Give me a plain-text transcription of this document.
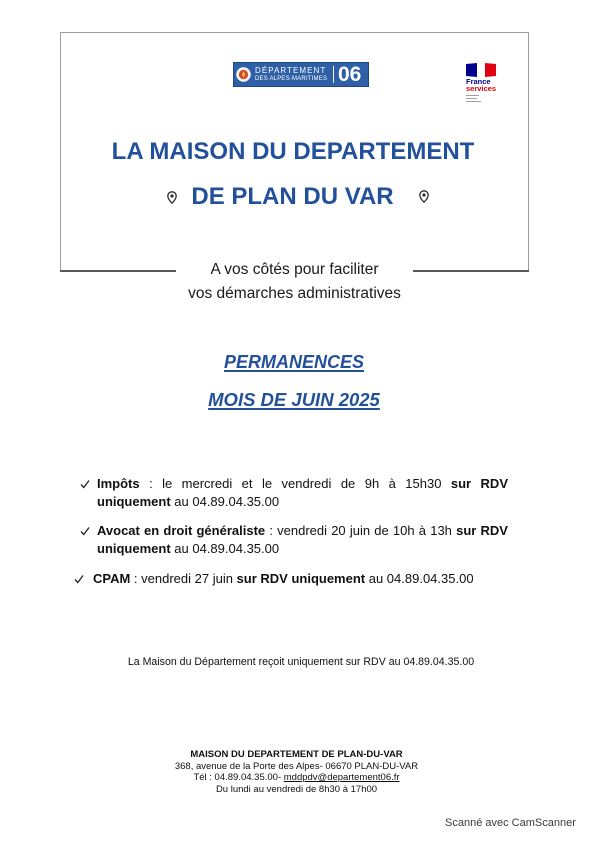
DÉPARTEMENT
DES ALPES-MARITIMES 06	France
services
LA MAISON DU DEPARTEMENT
DE PLAN DU VAR
A vos côtés pour faciliter
vos démarches administratives
PERMANENCES
MOIS DE JUIN 2025
Impôts : le mercredi et le vendredi de 9h à 15h30 sur RDV
uniquement au 04.89.04.35.00
Avocat en droit généraliste : vendredi 20 juin de 10h à 13h sur RDV
uniquement au 04.89.04.35.00
CPAM : vendredi 27 juin sur RDV uniquement au 04.89.04.35.00
La Maison du Département reçoit uniquement sur RDV au 04.89.04.35.00
MAISON DU DEPARTEMENT DE PLAN-DU-VAR
368, avenue de la Porte des Alpes- 06670 PLAN-DU-VAR
Tél : 04.89.04.35.00- mddpdv@departement06.fr
Du lundi au vendredi de 8h30 à 17h00
Scanné avec CamScanner
